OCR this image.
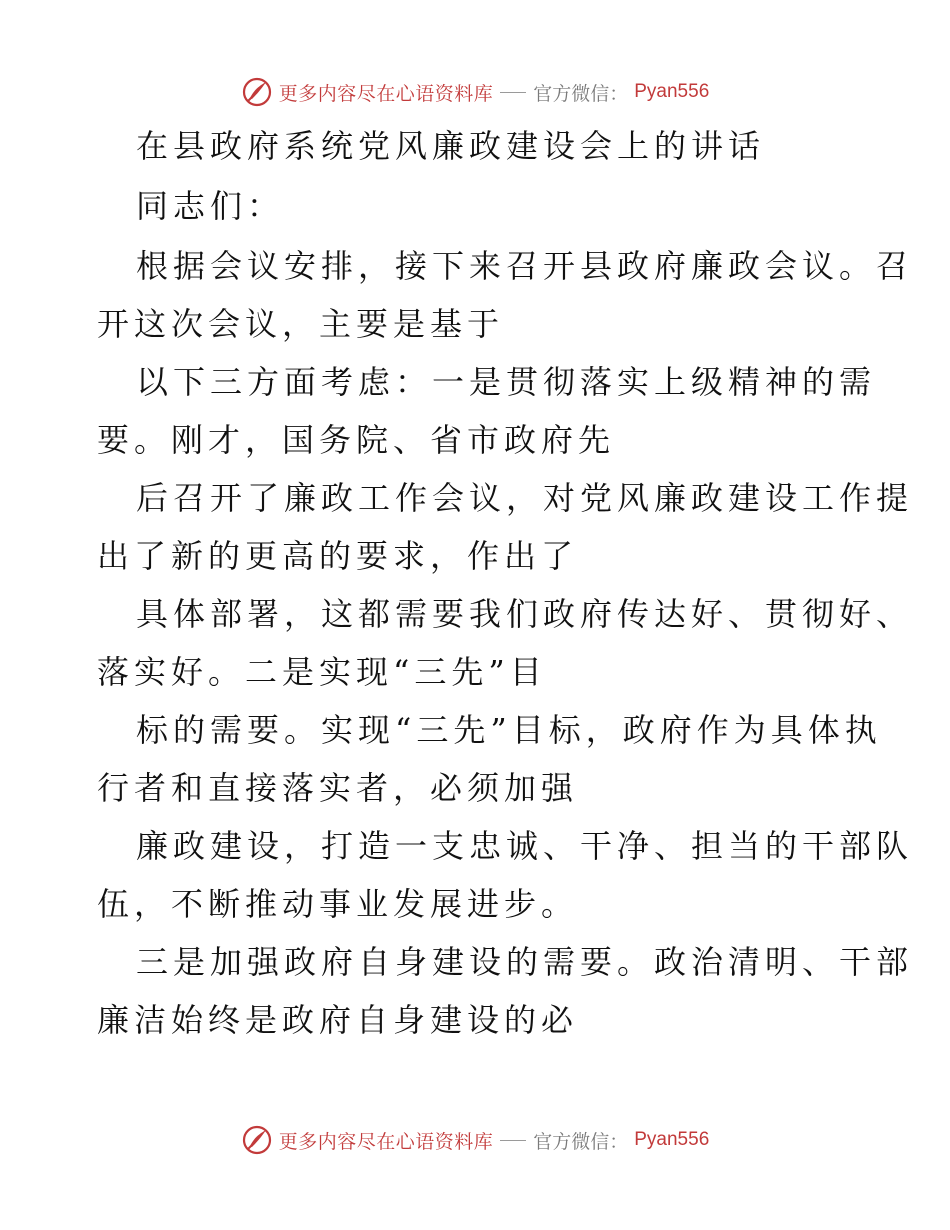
更多内容尽在心语资料库 官方微信： Pyan556
在县政府系统党风廉政建设会上的讲话
同志们：
根据会议安排，接下来召开县政府廉政会议。召
开这次会议，主要是基于
以下三方面考虑：一是贯彻落实上级精神的需
要。刚才，国务院、省市政府先
后召开了廉政工作会议，对党风廉政建设工作提
出了新的更高的要求，作出了
具体部署，这都需要我们政府传达好、贯彻好、
落实好。二是实现“三先”目
标的需要。实现“三先”目标，政府作为具体执
行者和直接落实者，必须加强
廉政建设，打造一支忠诚、干净、担当的干部队
伍，不断推动事业发展进步。
三是加强政府自身建设的需要。政治清明、干部
廉洁始终是政府自身建设的必
更多内容尽在心语资料库 官方微信： Pyan556
